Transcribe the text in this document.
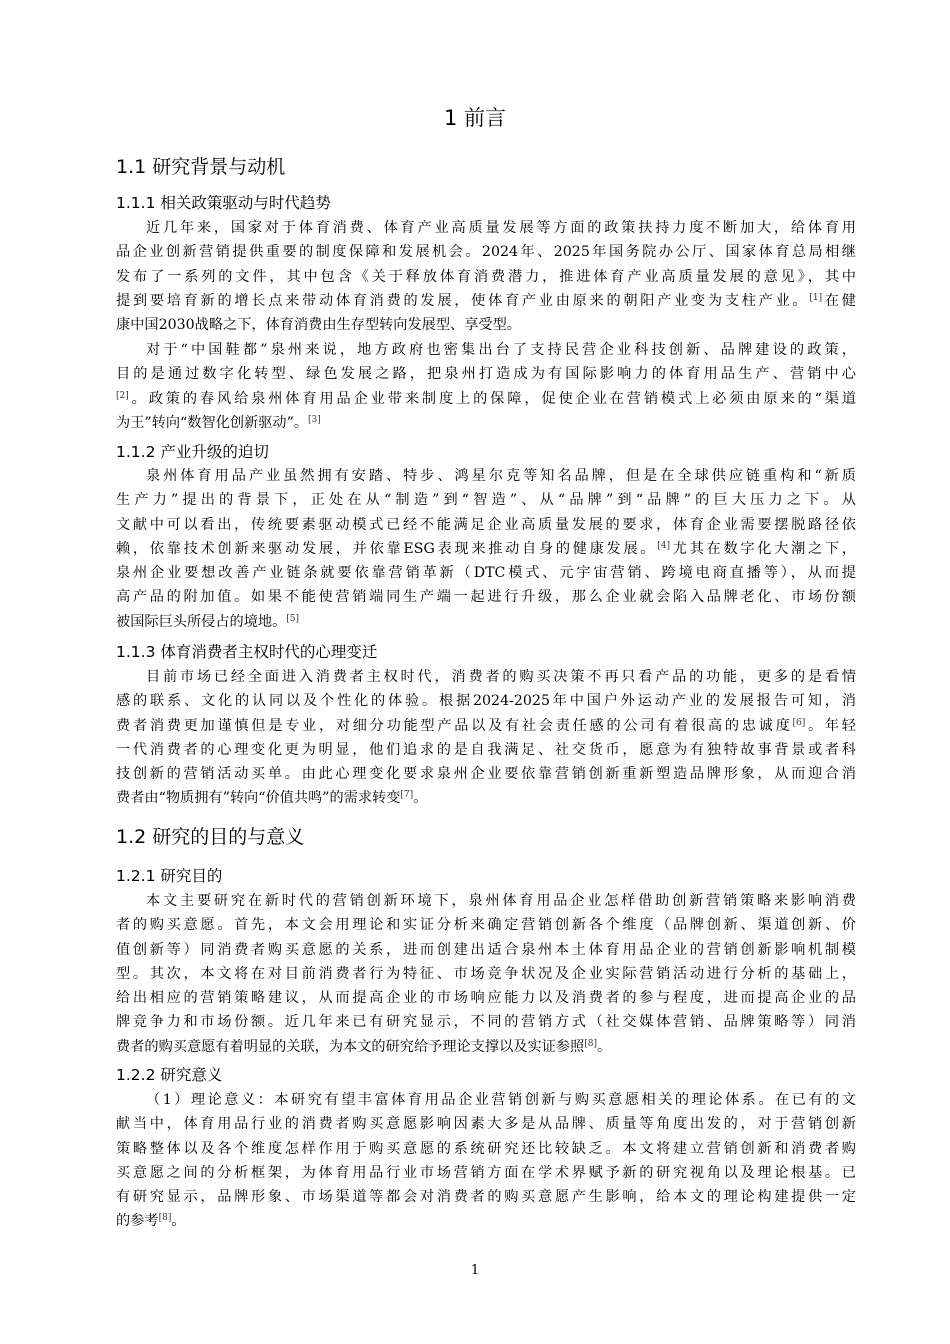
1 前言
1.1 研究背景与动机
1.1.1 相关政策驱动与时代趋势
近几年来，国家对于体育消费、体育产业高质量发展等方面的政策扶持力度不断加大，给体育用
品企业创新营销提供重要的制度保障和发展机会。2024年、2025年国务院办公厅、国家体育总局相继
发布了一系列的文件，其中包含《关于释放体育消费潜力，推进体育产业高质量发展的意见》，其中
提到要培育新的增长点来带动体育消费的发展，使体育产业由原来的朝阳产业变为支柱产业。[1]在健
康中国2030战略之下，体育消费由生存型转向发展型、享受型。
对于“中国鞋都”泉州来说，地方政府也密集出台了支持民营企业科技创新、品牌建设的政策，
目的是通过数字化转型、绿色发展之路，把泉州打造成为有国际影响力的体育用品生产、营销中心
[2]。政策的春风给泉州体育用品企业带来制度上的保障，促使企业在营销模式上必须由原来的“渠道
为王”转向“数智化创新驱动”。[3]
1.1.2 产业升级的迫切
泉州体育用品产业虽然拥有安踏、特步、鸿星尔克等知名品牌，但是在全球供应链重构和“新质
生产力”提出的背景下，正处在从“制造”到“智造”、从“品牌”到“品牌”的巨大压力之下。从
文献中可以看出，传统要素驱动模式已经不能满足企业高质量发展的要求，体育企业需要摆脱路径依
赖，依靠技术创新来驱动发展，并依靠ESG表现来推动自身的健康发展。[4]尤其在数字化大潮之下，
泉州企业要想改善产业链条就要依靠营销革新（DTC模式、元宇宙营销、跨境电商直播等），从而提
高产品的附加值。如果不能使营销端同生产端一起进行升级，那么企业就会陷入品牌老化、市场份额
被国际巨头所侵占的境地。[5]
1.1.3 体育消费者主权时代的心理变迁
目前市场已经全面进入消费者主权时代，消费者的购买决策不再只看产品的功能，更多的是看情
感的联系、文化的认同以及个性化的体验。根据2024-2025年中国户外运动产业的发展报告可知，消
费者消费更加谨慎但是专业，对细分功能型产品以及有社会责任感的公司有着很高的忠诚度[6]。年轻
一代消费者的心理变化更为明显，他们追求的是自我满足、社交货币，愿意为有独特故事背景或者科
技创新的营销活动买单。由此心理变化要求泉州企业要依靠营销创新重新塑造品牌形象，从而迎合消
费者由“物质拥有”转向“价值共鸣”的需求转变[7]。
1.2 研究的目的与意义
1.2.1 研究目的
本文主要研究在新时代的营销创新环境下，泉州体育用品企业怎样借助创新营销策略来影响消费
者的购买意愿。首先，本文会用理论和实证分析来确定营销创新各个维度（品牌创新、渠道创新、价
值创新等）同消费者购买意愿的关系，进而创建出适合泉州本土体育用品企业的营销创新影响机制模
型。其次，本文将在对目前消费者行为特征、市场竞争状况及企业实际营销活动进行分析的基础上，
给出相应的营销策略建议，从而提高企业的市场响应能力以及消费者的参与程度，进而提高企业的品
牌竞争力和市场份额。近几年来已有研究显示，不同的营销方式（社交媒体营销、品牌策略等）同消
费者的购买意愿有着明显的关联，为本文的研究给予理论支撑以及实证参照[8]。
1.2.2 研究意义
（1）理论意义：本研究有望丰富体育用品企业营销创新与购买意愿相关的理论体系。在已有的文
献当中，体育用品行业的消费者购买意愿影响因素大多是从品牌、质量等角度出发的，对于营销创新
策略整体以及各个维度怎样作用于购买意愿的系统研究还比较缺乏。本文将建立营销创新和消费者购
买意愿之间的分析框架，为体育用品行业市场营销方面在学术界赋予新的研究视角以及理论根基。已
有研究显示，品牌形象、市场渠道等都会对消费者的购买意愿产生影响，给本文的理论构建提供一定
的参考[8]。
1
